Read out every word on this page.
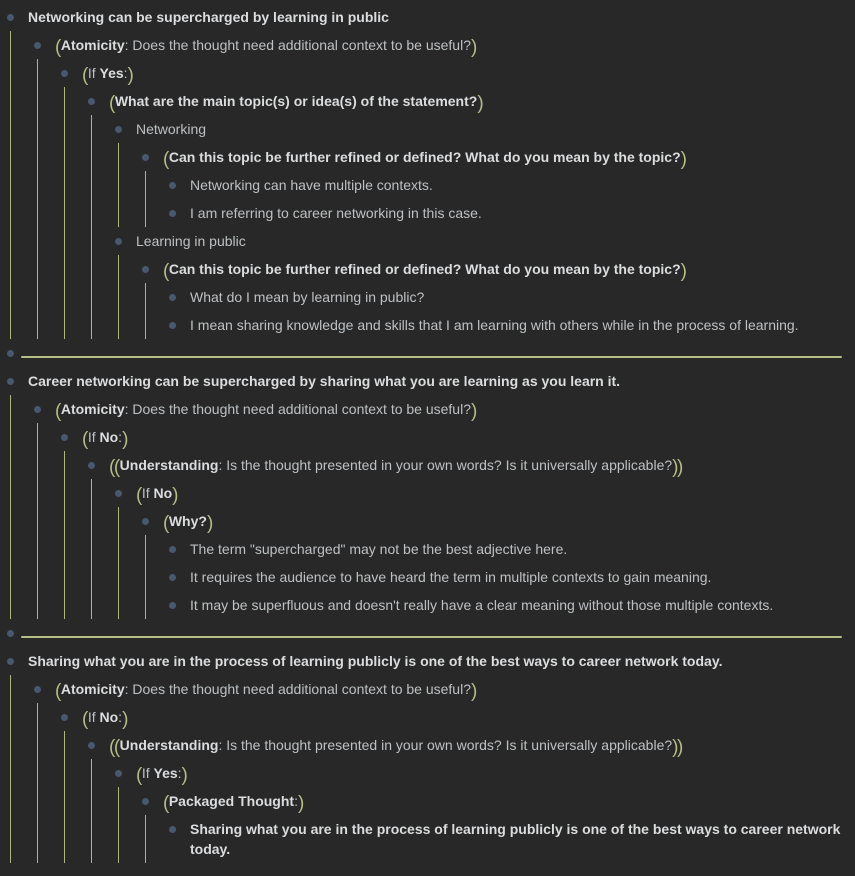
Networking can be supercharged by learning in public
(Atomicity: Does the thought need additional context to be useful?)
(If Yes:)
(What are the main topic(s) or idea(s) of the statement?)
Networking
(Can this topic be further refined or defined? What do you mean by the topic?)
Networking can have multiple contexts.
I am referring to career networking in this case.
Learning in public
(Can this topic be further refined or defined? What do you mean by the topic?)
What do I mean by learning in public?
I mean sharing knowledge and skills that I am learning with others while in the process of learning.
Career networking can be supercharged by sharing what you are learning as you learn it.
(Atomicity: Does the thought need additional context to be useful?)
(If No:)
((Understanding: Is the thought presented in your own words? Is it universally applicable?))
(If No)
(Why?)
The term "supercharged" may not be the best adjective here.
It requires the audience to have heard the term in multiple contexts to gain meaning.
It may be superfluous and doesn't really have a clear meaning without those multiple contexts.
Sharing what you are in the process of learning publicly is one of the best ways to career network today.
(Atomicity: Does the thought need additional context to be useful?)
(If No:)
((Understanding: Is the thought presented in your own words? Is it universally applicable?))
(If Yes:)
(Packaged Thought:)
Sharing what you are in the process of learning publicly is one of the best ways to career network today.
